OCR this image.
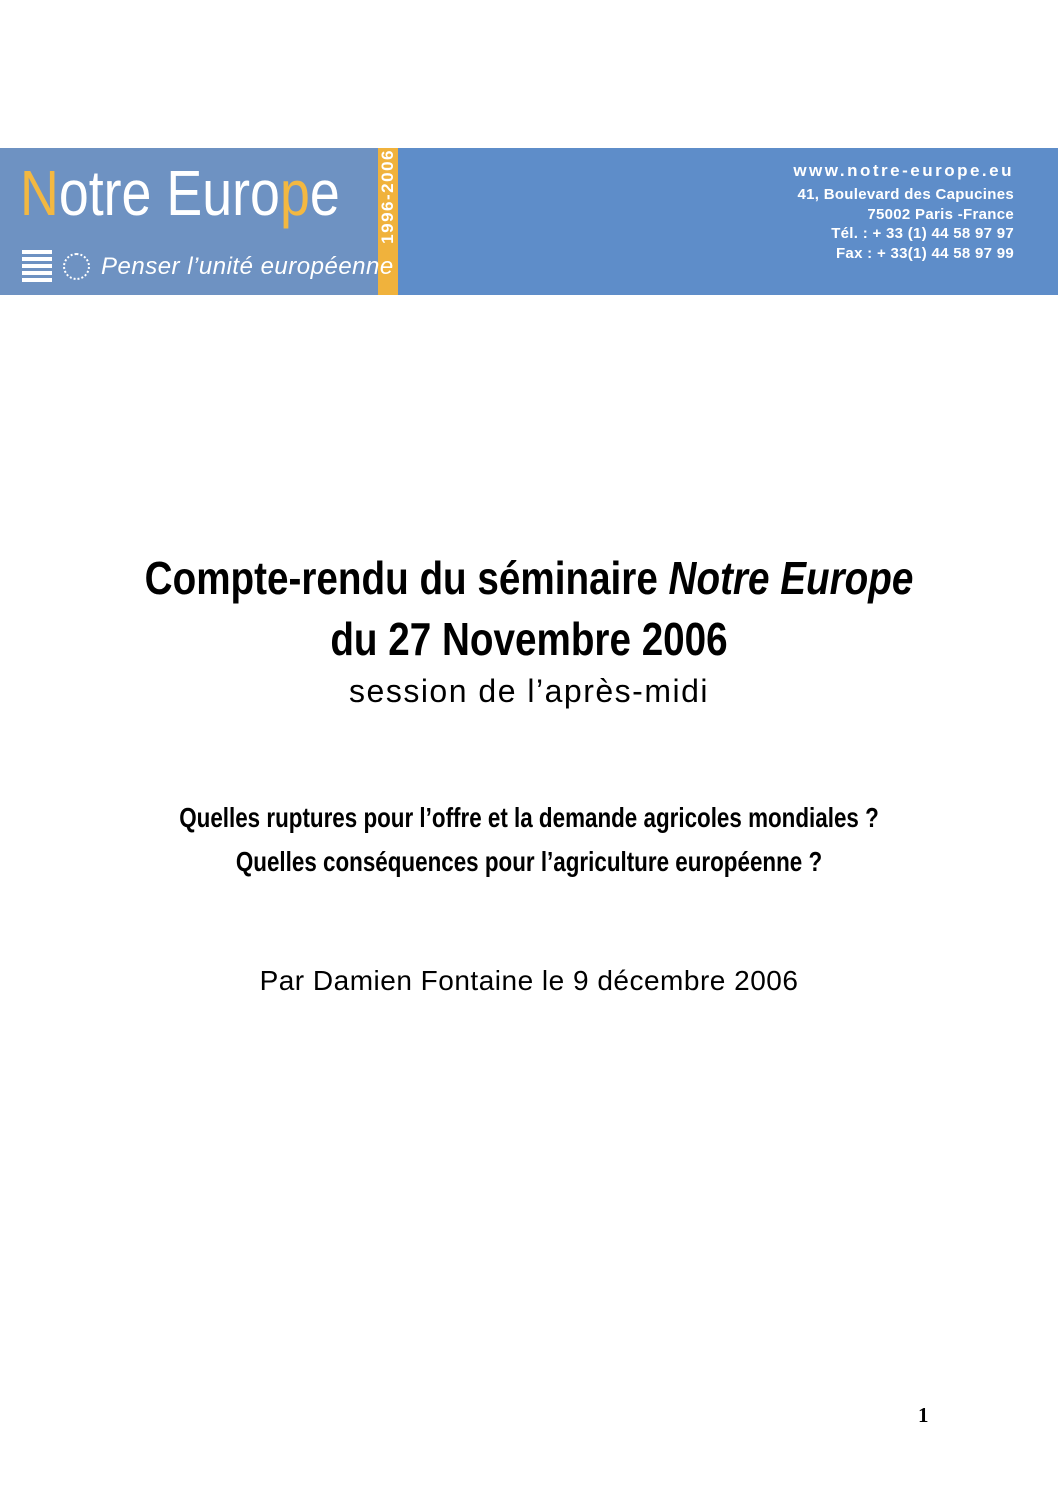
Notre Europe
Penser l’unité européenne
1996-2006	www.notre-europe.eu
41, Boulevard des Capucines
75002 Paris -France
Tél. : + 33 (1) 44 58 97 97
Fax : + 33(1) 44 58 97 99
Compte-rendu du séminaire Notre Europe
du 27 Novembre 2006
session de l’après-midi
Quelles ruptures pour l’offre et la demande agricoles mondiales ?
Quelles conséquences pour l’agriculture européenne ?
Par Damien Fontaine le 9 décembre 2006
1
